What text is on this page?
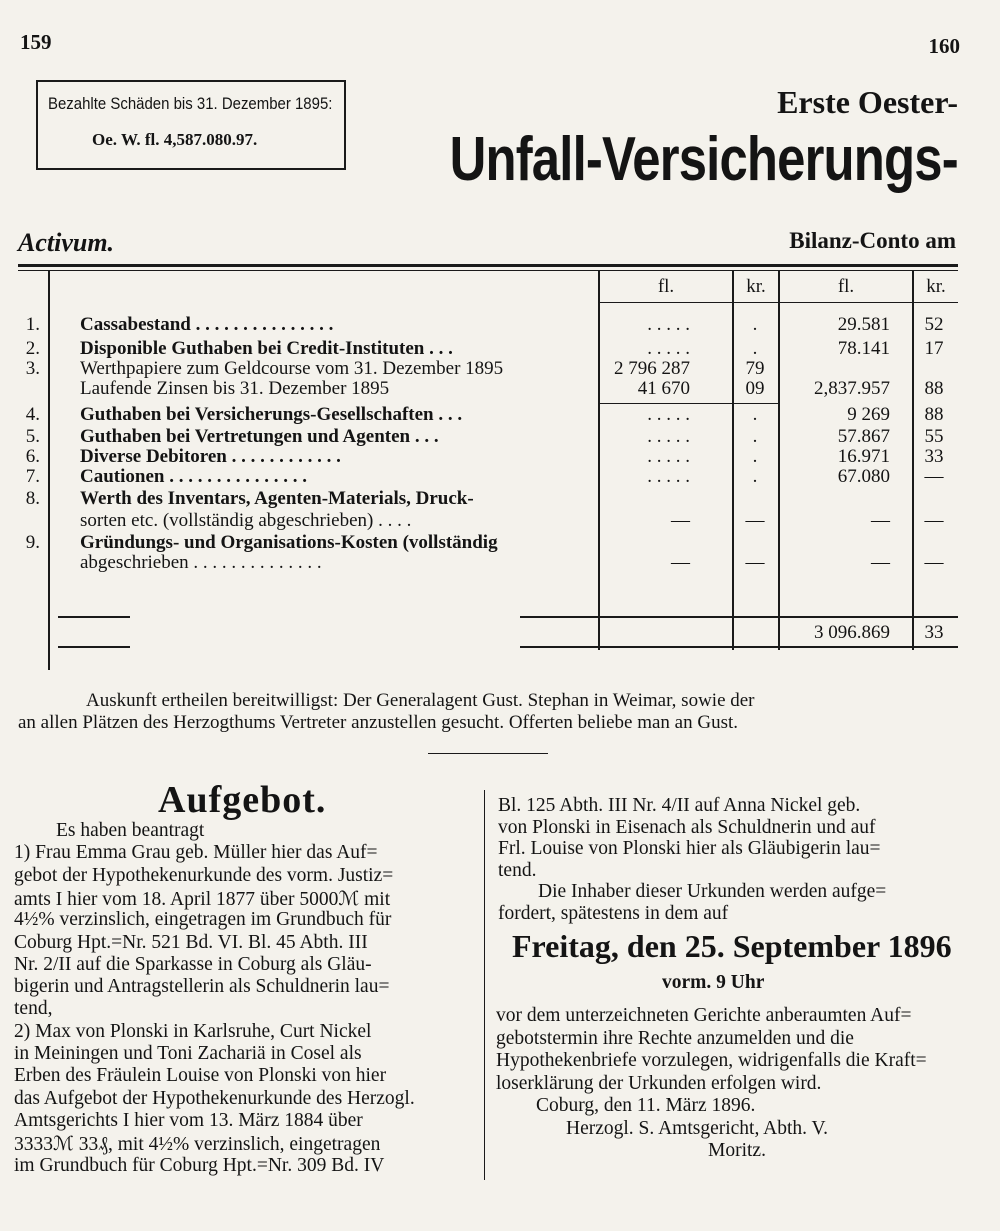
159	160
Bezahlte Schäden bis 31. Dezember 1895:
Oe. W. fl. 4,587.080.97.
Erste Oester-
Unfall-Versicherungs-
Activum.	Bilanz-Conto am
fl.	kr.	fl.	kr.
1. Cassabestand . . . . . . . . . . . . . . .	. . . . .	.	29.581	52
2. Disponible Guthaben bei Credit-Instituten . . .	. . . . .	.	78.141	17
3. Werthpapiere zum Geldcourse vom 31. Dezember 1895	2 796 287	79
Laufende Zinsen bis 31. Dezember 1895	41 670	09	2,837.957	88
4. Guthaben bei Versicherungs-Gesellschaften . . .	. . . . .	.	9 269	88
5. Guthaben bei Vertretungen und Agenten . . .	. . . . .	.	57.867	55
6. Diverse Debitoren . . . . . . . . . . . .	. . . . .	.	16.971	33
7. Cautionen . . . . . . . . . . . . . . .	. . . . .	.	67.080	—
8. Werth des Inventars, Agenten-Materials, Druck-
sorten etc. (vollständig abgeschrieben) . . . .	—	—	—	—
9. Gründungs- und Organisations-Kosten (vollständig
abgeschrieben . . . . . . . . . . . . . .	—	—	—	—
3 096.869	33
Auskunft ertheilen bereitwilligst: Der Generalagent Gust. Stephan in Weimar, sowie der
an allen Plätzen des Herzogthums Vertreter anzustellen gesucht. Offerten beliebe man an Gust.
Aufgebot.
Es haben beantragt
1) Frau Emma Grau geb. Müller hier das Auf=
gebot der Hypothekenurkunde des vorm. Justiz=
amts I hier vom 18. April 1877 über 5000ℳ mit
4½% verzinslich, eingetragen im Grundbuch für
Coburg Hpt.=Nr. 521 Bd. VI. Bl. 45 Abth. III
Nr. 2/II auf die Sparkasse in Coburg als Gläu-
bigerin und Antragstellerin als Schuldnerin lau=
tend,
2) Max von Plonski in Karlsruhe, Curt Nickel
in Meiningen und Toni Zachariä in Cosel als
Erben des Fräulein Louise von Plonski von hier
das Aufgebot der Hypothekenurkunde des Herzogl.
Amtsgerichts I hier vom 13. März 1884 über
3333ℳ 33₰, mit 4½% verzinslich, eingetragen
im Grundbuch für Coburg Hpt.=Nr. 309 Bd. IV
Bl. 125 Abth. III Nr. 4/II auf Anna Nickel geb.
von Plonski in Eisenach als Schuldnerin und auf
Frl. Louise von Plonski hier als Gläubigerin lau=
tend.
Die Inhaber dieser Urkunden werden aufge=
fordert, spätestens in dem auf
Freitag, den 25. September 1896
vorm. 9 Uhr
vor dem unterzeichneten Gerichte anberaumten Auf=
gebotstermin ihre Rechte anzumelden und die
Hypothekenbriefe vorzulegen, widrigenfalls die Kraft=
loserklärung der Urkunden erfolgen wird.
Coburg, den 11. März 1896.
Herzogl. S. Amtsgericht, Abth. V.
Moritz.
